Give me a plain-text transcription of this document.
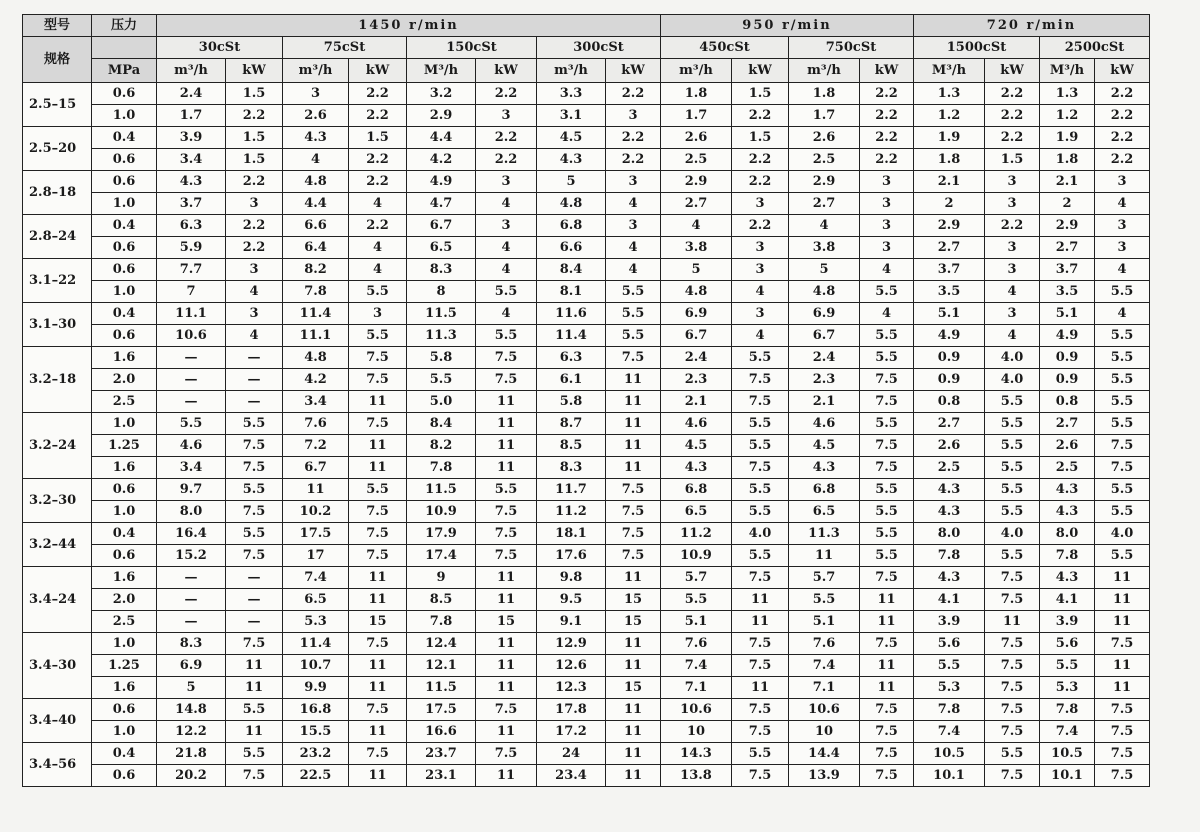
型号	压力	1450 r/min								950 r/min				720 r/min			
规格		30cSt		75cSt		150cSt		300cSt		450cSt		750cSt		1500cSt		2500cSt	
	MPa	m³/h	kW	m³/h	kW	M³/h	kW	m³/h	kW	m³/h	kW	m³/h	kW	M³/h	kW	M³/h	kW
2.5–15	0.6	2.4	1.5	3	2.2	3.2	2.2	3.3	2.2	1.8	1.5	1.8	2.2	1.3	2.2	1.3	2.2
	1.0	1.7	2.2	2.6	2.2	2.9	3	3.1	3	1.7	2.2	1.7	2.2	1.2	2.2	1.2	2.2
2.5–20	0.4	3.9	1.5	4.3	1.5	4.4	2.2	4.5	2.2	2.6	1.5	2.6	2.2	1.9	2.2	1.9	2.2
	0.6	3.4	1.5	4	2.2	4.2	2.2	4.3	2.2	2.5	2.2	2.5	2.2	1.8	1.5	1.8	2.2
2.8–18	0.6	4.3	2.2	4.8	2.2	4.9	3	5	3	2.9	2.2	2.9	3	2.1	3	2.1	3
	1.0	3.7	3	4.4	4	4.7	4	4.8	4	2.7	3	2.7	3	2	3	2	4
2.8–24	0.4	6.3	2.2	6.6	2.2	6.7	3	6.8	3	4	2.2	4	3	2.9	2.2	2.9	3
	0.6	5.9	2.2	6.4	4	6.5	4	6.6	4	3.8	3	3.8	3	2.7	3	2.7	3
3.1–22	0.6	7.7	3	8.2	4	8.3	4	8.4	4	5	3	5	4	3.7	3	3.7	4
	1.0	7	4	7.8	5.5	8	5.5	8.1	5.5	4.8	4	4.8	5.5	3.5	4	3.5	5.5
3.1–30	0.4	11.1	3	11.4	3	11.5	4	11.6	5.5	6.9	3	6.9	4	5.1	3	5.1	4
	0.6	10.6	4	11.1	5.5	11.3	5.5	11.4	5.5	6.7	4	6.7	5.5	4.9	4	4.9	5.5
3.2–18	1.6	—	—	4.8	7.5	5.8	7.5	6.3	7.5	2.4	5.5	2.4	5.5	0.9	4.0	0.9	5.5
	2.0	—	—	4.2	7.5	5.5	7.5	6.1	11	2.3	7.5	2.3	7.5	0.9	4.0	0.9	5.5
	2.5	—	—	3.4	11	5.0	11	5.8	11	2.1	7.5	2.1	7.5	0.8	5.5	0.8	5.5
3.2–24	1.0	5.5	5.5	7.6	7.5	8.4	11	8.7	11	4.6	5.5	4.6	5.5	2.7	5.5	2.7	5.5
	1.25	4.6	7.5	7.2	11	8.2	11	8.5	11	4.5	5.5	4.5	7.5	2.6	5.5	2.6	7.5
	1.6	3.4	7.5	6.7	11	7.8	11	8.3	11	4.3	7.5	4.3	7.5	2.5	5.5	2.5	7.5
3.2–30	0.6	9.7	5.5	11	5.5	11.5	5.5	11.7	7.5	6.8	5.5	6.8	5.5	4.3	5.5	4.3	5.5
	1.0	8.0	7.5	10.2	7.5	10.9	7.5	11.2	7.5	6.5	5.5	6.5	5.5	4.3	5.5	4.3	5.5
3.2–44	0.4	16.4	5.5	17.5	7.5	17.9	7.5	18.1	7.5	11.2	4.0	11.3	5.5	8.0	4.0	8.0	4.0
	0.6	15.2	7.5	17	7.5	17.4	7.5	17.6	7.5	10.9	5.5	11	5.5	7.8	5.5	7.8	5.5
3.4–24	1.6	—	—	7.4	11	9	11	9.8	11	5.7	7.5	5.7	7.5	4.3	7.5	4.3	11
	2.0	—	—	6.5	11	8.5	11	9.5	15	5.5	11	5.5	11	4.1	7.5	4.1	11
	2.5	—	—	5.3	15	7.8	15	9.1	15	5.1	11	5.1	11	3.9	11	3.9	11
3.4–30	1.0	8.3	7.5	11.4	7.5	12.4	11	12.9	11	7.6	7.5	7.6	7.5	5.6	7.5	5.6	7.5
	1.25	6.9	11	10.7	11	12.1	11	12.6	11	7.4	7.5	7.4	11	5.5	7.5	5.5	11
	1.6	5	11	9.9	11	11.5	11	12.3	15	7.1	11	7.1	11	5.3	7.5	5.3	11
3.4–40	0.6	14.8	5.5	16.8	7.5	17.5	7.5	17.8	11	10.6	7.5	10.6	7.5	7.8	7.5	7.8	7.5
	1.0	12.2	11	15.5	11	16.6	11	17.2	11	10	7.5	10	7.5	7.4	7.5	7.4	7.5
3.4–56	0.4	21.8	5.5	23.2	7.5	23.7	7.5	24	11	14.3	5.5	14.4	7.5	10.5	5.5	10.5	7.5
	0.6	20.2	7.5	22.5	11	23.1	11	23.4	11	13.8	7.5	13.9	7.5	10.1	7.5	10.1	7.5
